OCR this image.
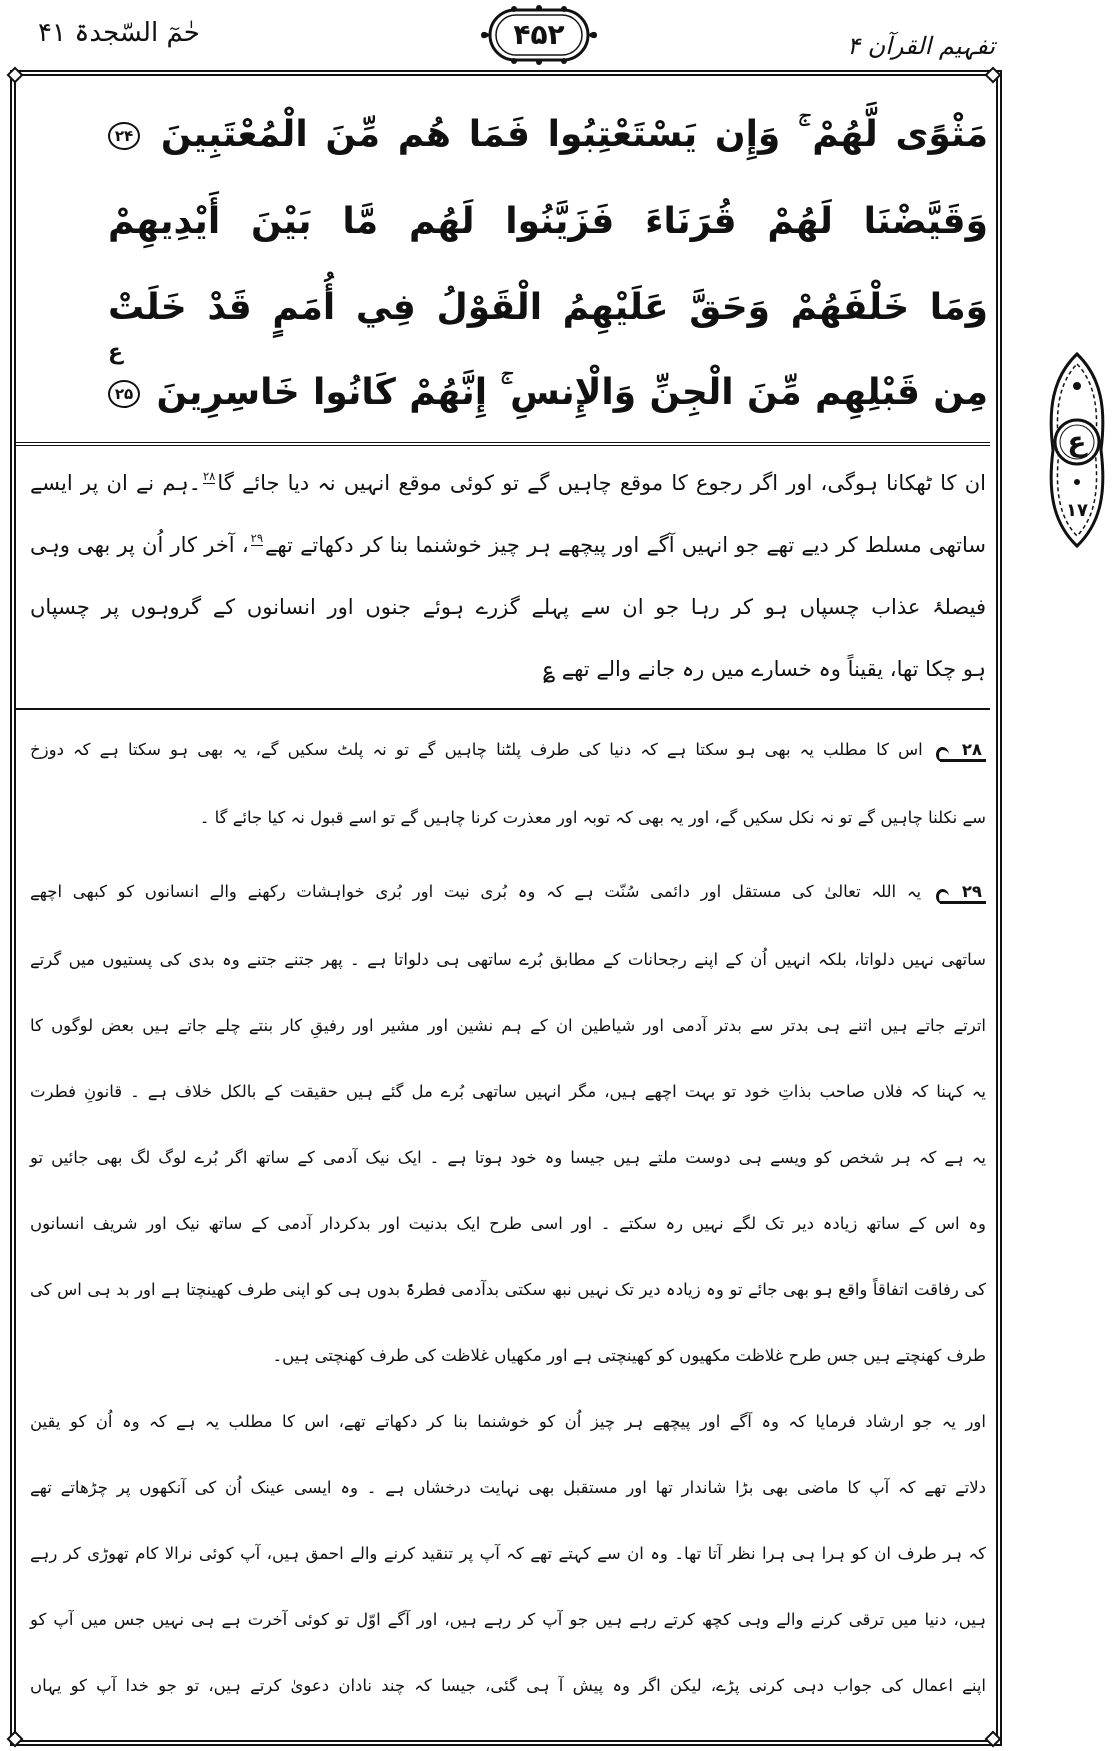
حٰمٓ السّجدۃ ۴۱	۴۵۲	تفہیم القرآن ۴
مَثْوًى لَّهُمْ ۚ وَإِن يَسْتَعْتِبُوا فَمَا هُم مِّنَ الْمُعْتَبِينَ ۲۴
وَقَيَّضْنَا لَهُمْ قُرَنَاءَ فَزَيَّنُوا لَهُم مَّا بَيْنَ أَيْدِيهِمْ
وَمَا خَلْفَهُمْ وَحَقَّ عَلَيْهِمُ الْقَوْلُ فِي أُمَمٍ قَدْ خَلَتْ
مِن قَبْلِهِم مِّنَ الْجِنِّ وَالْإِنسِ ۚ إِنَّهُمْ كَانُوا خَاسِرِينَ ۲۵
ع
ان کا ٹھکانا ہوگی، اور اگر رجوع کا موقع چاہیں گے تو کوئی موقع انہیں نہ دیا جائے گا$^{۲۸}$۔ہم نے ان پر ایسے
ساتھی مسلط کر دیے تھے جو انہیں آگے اور پیچھے ہر چیز خوشنما بنا کر دکھاتے تھے$^{۲۹}$، آخر کار اُن پر بھی وہی
فیصلۂ عذاب چسپاں ہو کر رہا جو ان سے پہلے گزرے ہوئے جنوں اور انسانوں کے گروہوں پر چسپاں
ہو چکا تھا، یقیناً وہ خسارے میں رہ جانے والے تھے ؏
۲۸ اس کا مطلب یہ بھی ہو سکتا ہے کہ دنیا کی طرف پلٹنا چاہیں گے تو نہ پلٹ سکیں گے، یہ بھی ہو سکتا ہے کہ دوزخ
سے نکلنا چاہیں گے تو نہ نکل سکیں گے، اور یہ بھی کہ توبہ اور معذرت کرنا چاہیں گے تو اسے قبول نہ کیا جائے گا ۔
۲۹ یہ اللہ تعالیٰ کی مستقل اور دائمی سُنّت ہے کہ وہ بُری نیت اور بُری خواہشات رکھنے والے انسانوں کو کبھی اچھے
ساتھی نہیں دلواتا، بلکہ انہیں اُن کے اپنے رجحانات کے مطابق بُرے ساتھی ہی دلواتا ہے ۔ پھر جتنے جتنے وہ بدی کی پستیوں میں گرتے
اترتے جاتے ہیں اتنے ہی بدتر سے بدتر آدمی اور شیاطین ان کے ہم نشین اور مشیر اور رفیقِ کار بنتے چلے جاتے ہیں بعض لوگوں کا
یہ کہنا کہ فلاں صاحب بذاتِ خود تو بہت اچھے ہیں، مگر انہیں ساتھی بُرے مل گئے ہیں حقیقت کے بالکل خلاف ہے ۔ قانونِ فطرت
یہ ہے کہ ہر شخص کو ویسے ہی دوست ملتے ہیں جیسا وہ خود ہوتا ہے ۔ ایک نیک آدمی کے ساتھ اگر بُرے لوگ لگ بھی جائیں تو
وہ اس کے ساتھ زیادہ دیر تک لگے نہیں رہ سکتے ۔ اور اسی طرح ایک بدنیت اور بدکردار آدمی کے ساتھ نیک اور شریف انسانوں
کی رفاقت اتفاقاً واقع ہو بھی جائے تو وہ زیادہ دیر تک نہیں نبھ سکتی بدآدمی فطرۃً بدوں ہی کو اپنی طرف کھینچتا ہے اور بد ہی اس کی
طرف کھنچتے ہیں جس طرح غلاظت مکھیوں کو کھینچتی ہے اور مکھیاں غلاظت کی طرف کھنچتی ہیں۔
اور یہ جو ارشاد فرمایا کہ وہ آگے اور پیچھے ہر چیز اُن کو خوشنما بنا کر دکھاتے تھے، اس کا مطلب یہ ہے کہ وہ اُن کو یقین
دلاتے تھے کہ آپ کا ماضی بھی بڑا شاندار تھا اور مستقبل بھی نہایت درخشاں ہے ۔ وہ ایسی عینک اُن کی آنکھوں پر چڑھاتے تھے
کہ ہر طرف ان کو ہرا ہی ہرا نظر آتا تھا۔ وہ ان سے کہتے تھے کہ آپ پر تنقید کرنے والے احمق ہیں، آپ کوئی نرالا کام تھوڑی کر رہے
ہیں، دنیا میں ترقی کرنے والے وہی کچھ کرتے رہے ہیں جو آپ کر رہے ہیں، اور آگے اوّل تو کوئی آخرت ہے ہی نہیں جس میں آپ کو
اپنے اعمال کی جواب دہی کرنی پڑے، لیکن اگر وہ پیش آ ہی گئی، جیسا کہ چند نادان دعویٰ کرتے ہیں، تو جو خدا آپ کو یہاں
ع
۱۷
